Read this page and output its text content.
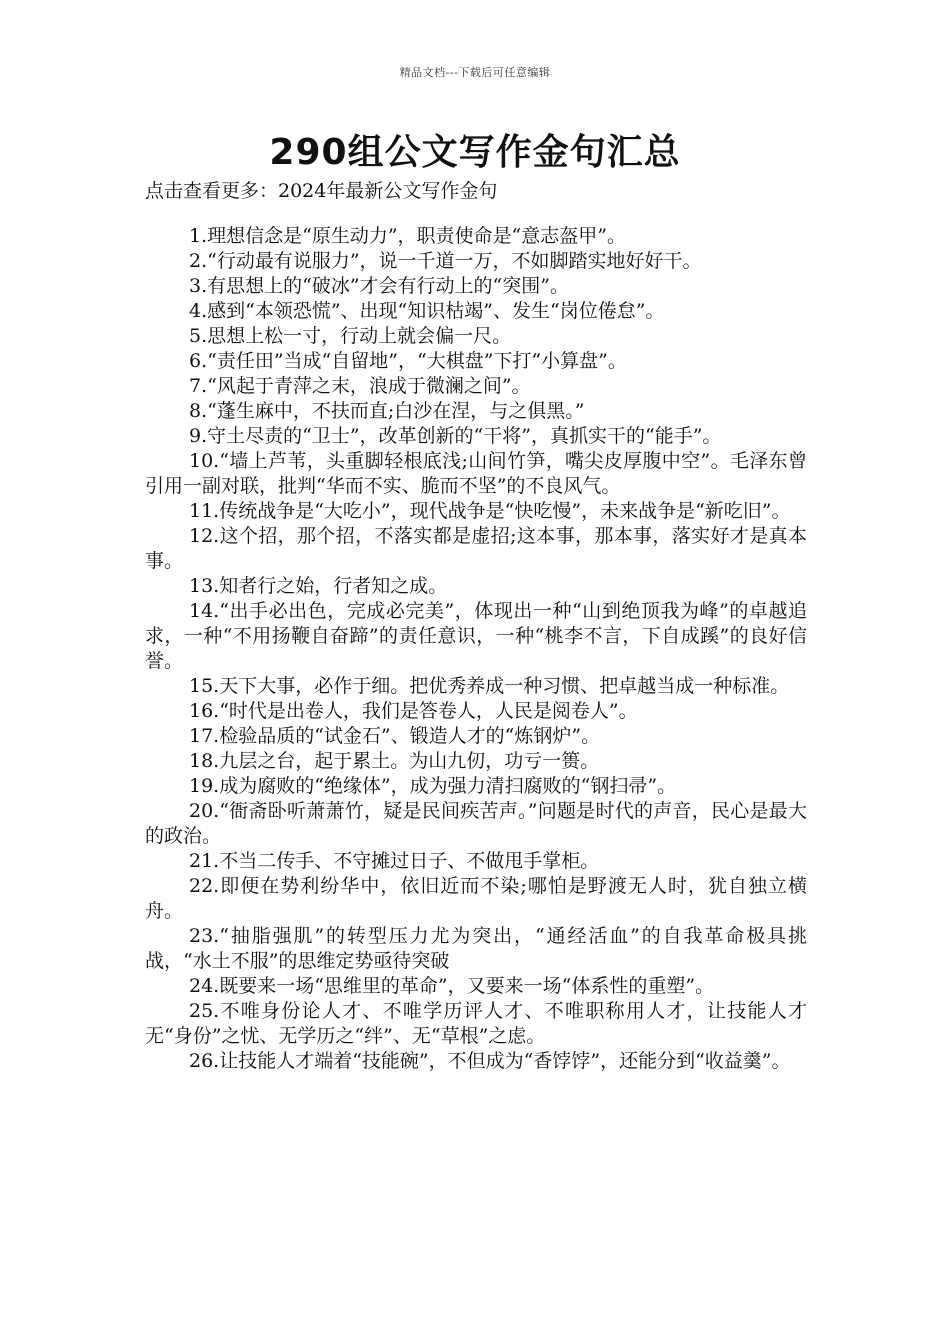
精品文档---下载后可任意编辑
290组公文写作金句汇总
点击查看更多：2024年最新公文写作金句

1.理想信念是“原生动力”，职责使命是“意志盔甲”。

2.“行动最有说服力”，说一千道一万，不如脚踏实地好好干。

3.有思想上的“破冰”才会有行动上的“突围”。

4.感到“本领恐慌”、出现“知识枯竭”、发生“岗位倦怠”。

5.思想上松一寸，行动上就会偏一尺。

6.“责任田”当成“自留地”，“大棋盘”下打“小算盘”。

7.“风起于青萍之末，浪成于微澜之间”。

8.“蓬生麻中，不扶而直;白沙在涅，与之俱黑。”

9.守土尽责的“卫士”，改革创新的“干将”，真抓实干的“能手”。

10.“墙上芦苇，头重脚轻根底浅;山间竹笋，嘴尖皮厚腹中空”。毛泽东曾引用一副对联，批判“华而不实、脆而不坚”的不良风气。

11.传统战争是“大吃小”，现代战争是“快吃慢”，未来战争是“新吃旧”。

12.这个招，那个招，不落实都是虚招;这本事，那本事，落实好才是真本事。

13.知者行之始，行者知之成。

14.“出手必出色，完成必完美”，体现出一种“山到绝顶我为峰”的卓越追求，一种“不用扬鞭自奋蹄”的责任意识，一种“桃李不言，下自成蹊”的良好信誉。

15.天下大事，必作于细。把优秀养成一种习惯、把卓越当成一种标准。

16.“时代是出卷人，我们是答卷人，人民是阅卷人”。

17.检验品质的“试金石”、锻造人才的“炼钢炉”。

18.九层之台，起于累土。为山九仞，功亏一篑。

19.成为腐败的“绝缘体”，成为强力清扫腐败的“钢扫帚”。

20.“衙斋卧听萧萧竹，疑是民间疾苦声。”问题是时代的声音，民心是最大的政治。

21.不当二传手、不守摊过日子、不做甩手掌柜。

22.即便在势利纷华中，依旧近而不染;哪怕是野渡无人时，犹自独立横舟。

23.“抽脂强肌”的转型压力尤为突出，“通经活血”的自我革命极具挑战，“水土不服”的思维定势亟待突破

24.既要来一场“思维里的革命”，又要来一场“体系性的重塑”。

25.不唯身份论人才、不唯学历评人才、不唯职称用人才，让技能人才无“身份”之忧、无学历之“绊”、无“草根”之虑。

26.让技能人才端着“技能碗”，不但成为“香饽饽”，还能分到“收益羹”。
